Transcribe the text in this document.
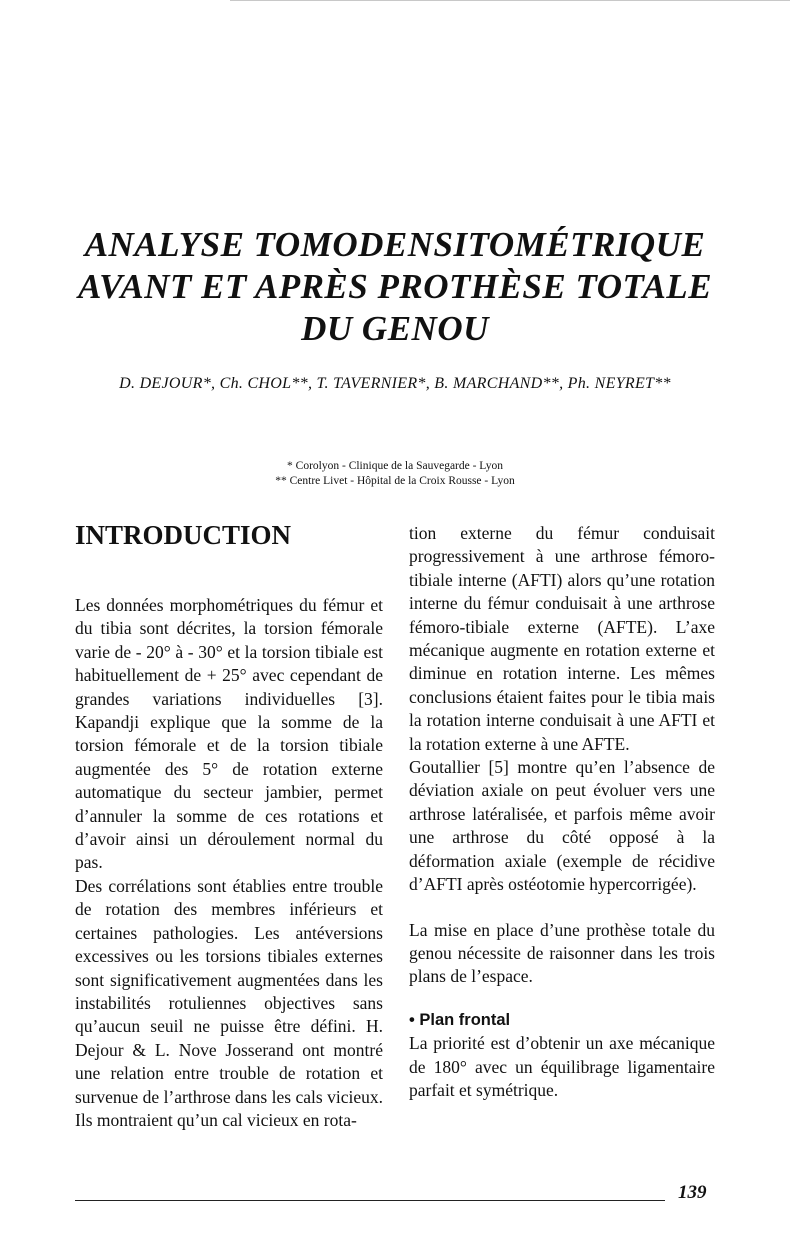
ANALYSE TOMODENSITOMÉTRIQUE
AVANT ET APRÈS PROTHÈSE TOTALE
DU GENOU
D. DEJOUR*, Ch. CHOL**, T. TAVERNIER*, B. MARCHAND**, Ph. NEYRET**
* Corolyon - Clinique de la Sauvegarde - Lyon
** Centre Livet - Hôpital de la Croix Rousse - Lyon
INTRODUCTION

Les données morphométriques du fémur et du tibia sont décrites, la torsion fémorale varie de - 20° à - 30° et la torsion tibiale est habituellement de + 25° avec cependant de grandes variations individuelles [3]. Kapandji explique que la somme de la torsion fémorale et de la torsion tibiale augmentée des 5° de rotation externe automatique du secteur jambier, permet d’annuler la somme de ces rotations et d’avoir ainsi un déroulement normal du pas.

Des corrélations sont établies entre trouble de rotation des membres inférieurs et certaines pathologies. Les antéversions excessives ou les torsions tibiales externes sont significativement augmentées dans les instabilités rotuliennes objectives sans qu’aucun seuil ne puisse être défini. H. Dejour & L. Nove Josserand ont montré une relation entre trouble de rotation et survenue de l’arthrose dans les cals vicieux. Ils montraient qu’un cal vicieux en rota-

tion externe du fémur conduisait progressivement à une arthrose fémoro-tibiale interne (AFTI) alors qu’une rotation interne du fémur conduisait à une arthrose fémoro-tibiale externe (AFTE). L’axe mécanique augmente en rotation externe et diminue en rotation interne. Les mêmes conclusions étaient faites pour le tibia mais la rotation interne conduisait à une AFTI et la rotation externe à une AFTE.

Goutallier [5] montre qu’en l’absence de déviation axiale on peut évoluer vers une arthrose latéralisée, et parfois même avoir une arthrose du côté opposé à la déformation axiale (exemple de récidive d’AFTI après ostéotomie hypercorrigée).

La mise en place d’une prothèse totale du genou nécessite de raisonner dans les trois plans de l’espace.

• Plan frontal

La priorité est d’obtenir un axe mécanique de 180° avec un équilibrage ligamentaire parfait et symétrique.

139
